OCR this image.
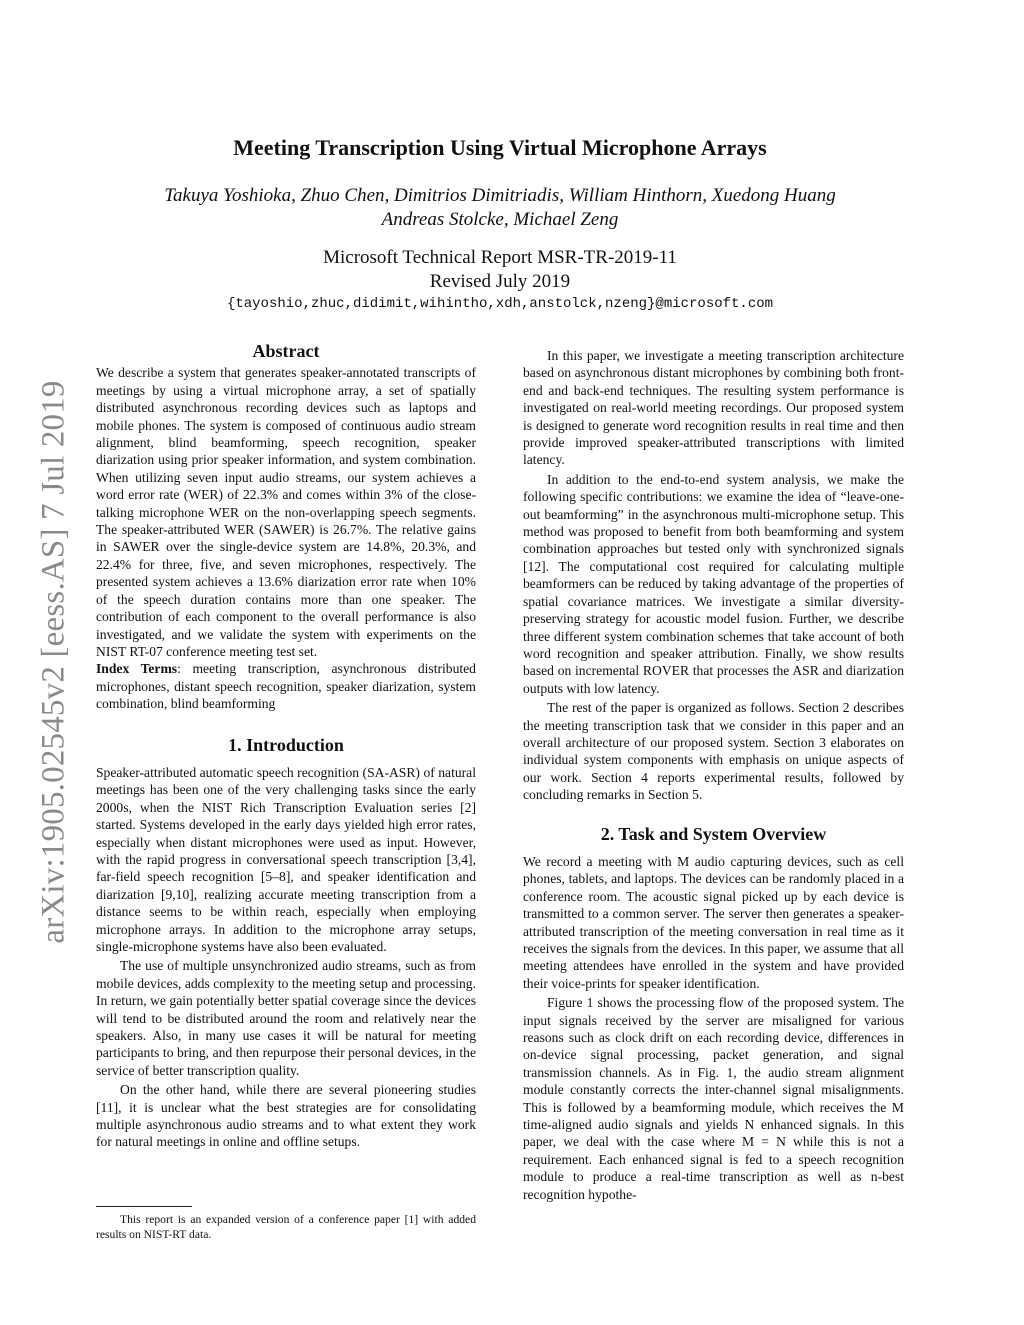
arXiv:1905.02545v2 [eess.AS] 7 Jul 2019
Meeting Transcription Using Virtual Microphone Arrays
Takuya Yoshioka, Zhuo Chen, Dimitrios Dimitriadis, William Hinthorn, Xuedong Huang
Andreas Stolcke, Michael Zeng
Microsoft Technical Report MSR-TR-2019-11
Revised July 2019
{tayoshio,zhuc,didimit,wihintho,xdh,anstolck,nzeng}@microsoft.com
Abstract

We describe a system that generates speaker-annotated transcripts of meetings by using a virtual microphone array, a set of spatially distributed asynchronous recording devices such as laptops and mobile phones. The system is composed of continuous audio stream alignment, blind beamforming, speech recognition, speaker diarization using prior speaker information, and system combination. When utilizing seven input audio streams, our system achieves a word error rate (WER) of 22.3% and comes within 3% of the close-talking microphone WER on the non-overlapping speech segments. The speaker-attributed WER (SAWER) is 26.7%. The relative gains in SAWER over the single-device system are 14.8%, 20.3%, and 22.4% for three, five, and seven microphones, respectively. The presented system achieves a 13.6% diarization error rate when 10% of the speech duration contains more than one speaker. The contribution of each component to the overall performance is also investigated, and we validate the system with experiments on the NIST RT-07 conference meeting test set.

Index Terms: meeting transcription, asynchronous distributed microphones, distant speech recognition, speaker diarization, system combination, blind beamforming

1. Introduction

Speaker-attributed automatic speech recognition (SA-ASR) of natural meetings has been one of the very challenging tasks since the early 2000s, when the NIST Rich Transcription Evaluation series [2] started. Systems developed in the early days yielded high error rates, especially when distant microphones were used as input. However, with the rapid progress in conversational speech transcription [3,4], far-field speech recognition [5–8], and speaker identification and diarization [9,10], realizing accurate meeting transcription from a distance seems to be within reach, especially when employing microphone arrays. In addition to the microphone array setups, single-microphone systems have also been evaluated.

The use of multiple unsynchronized audio streams, such as from mobile devices, adds complexity to the meeting setup and processing. In return, we gain potentially better spatial coverage since the devices will tend to be distributed around the room and relatively near the speakers. Also, in many use cases it will be natural for meeting participants to bring, and then repurpose their personal devices, in the service of better transcription quality.

On the other hand, while there are several pioneering studies [11], it is unclear what the best strategies are for consolidating multiple asynchronous audio streams and to what extent they work for natural meetings in online and offline setups.

This report is an expanded version of a conference paper [1] with added results on NIST-RT data.

In this paper, we investigate a meeting transcription architecture based on asynchronous distant microphones by combining both front-end and back-end techniques. The resulting system performance is investigated on real-world meeting recordings. Our proposed system is designed to generate word recognition results in real time and then provide improved speaker-attributed transcriptions with limited latency.

In addition to the end-to-end system analysis, we make the following specific contributions: we examine the idea of “leave-one-out beamforming” in the asynchronous multi-microphone setup. This method was proposed to benefit from both beamforming and system combination approaches but tested only with synchronized signals [12]. The computational cost required for calculating multiple beamformers can be reduced by taking advantage of the properties of spatial covariance matrices. We investigate a similar diversity-preserving strategy for acoustic model fusion. Further, we describe three different system combination schemes that take account of both word recognition and speaker attribution. Finally, we show results based on incremental ROVER that processes the ASR and diarization outputs with low latency.

The rest of the paper is organized as follows. Section 2 describes the meeting transcription task that we consider in this paper and an overall architecture of our proposed system. Section 3 elaborates on individual system components with emphasis on unique aspects of our work. Section 4 reports experimental results, followed by concluding remarks in Section 5.

2. Task and System Overview

We record a meeting with M audio capturing devices, such as cell phones, tablets, and laptops. The devices can be randomly placed in a conference room. The acoustic signal picked up by each device is transmitted to a common server. The server then generates a speaker-attributed transcription of the meeting conversation in real time as it receives the signals from the devices. In this paper, we assume that all meeting attendees have enrolled in the system and have provided their voice-prints for speaker identification.

Figure 1 shows the processing flow of the proposed system. The input signals received by the server are misaligned for various reasons such as clock drift on each recording device, differences in on-device signal processing, packet generation, and signal transmission channels. As in Fig. 1, the audio stream alignment module constantly corrects the inter-channel signal misalignments. This is followed by a beamforming module, which receives the M time-aligned audio signals and yields N enhanced signals. In this paper, we deal with the case where M = N while this is not a requirement. Each enhanced signal is fed to a speech recognition module to produce a real-time transcription as well as n-best recognition hypothe-
